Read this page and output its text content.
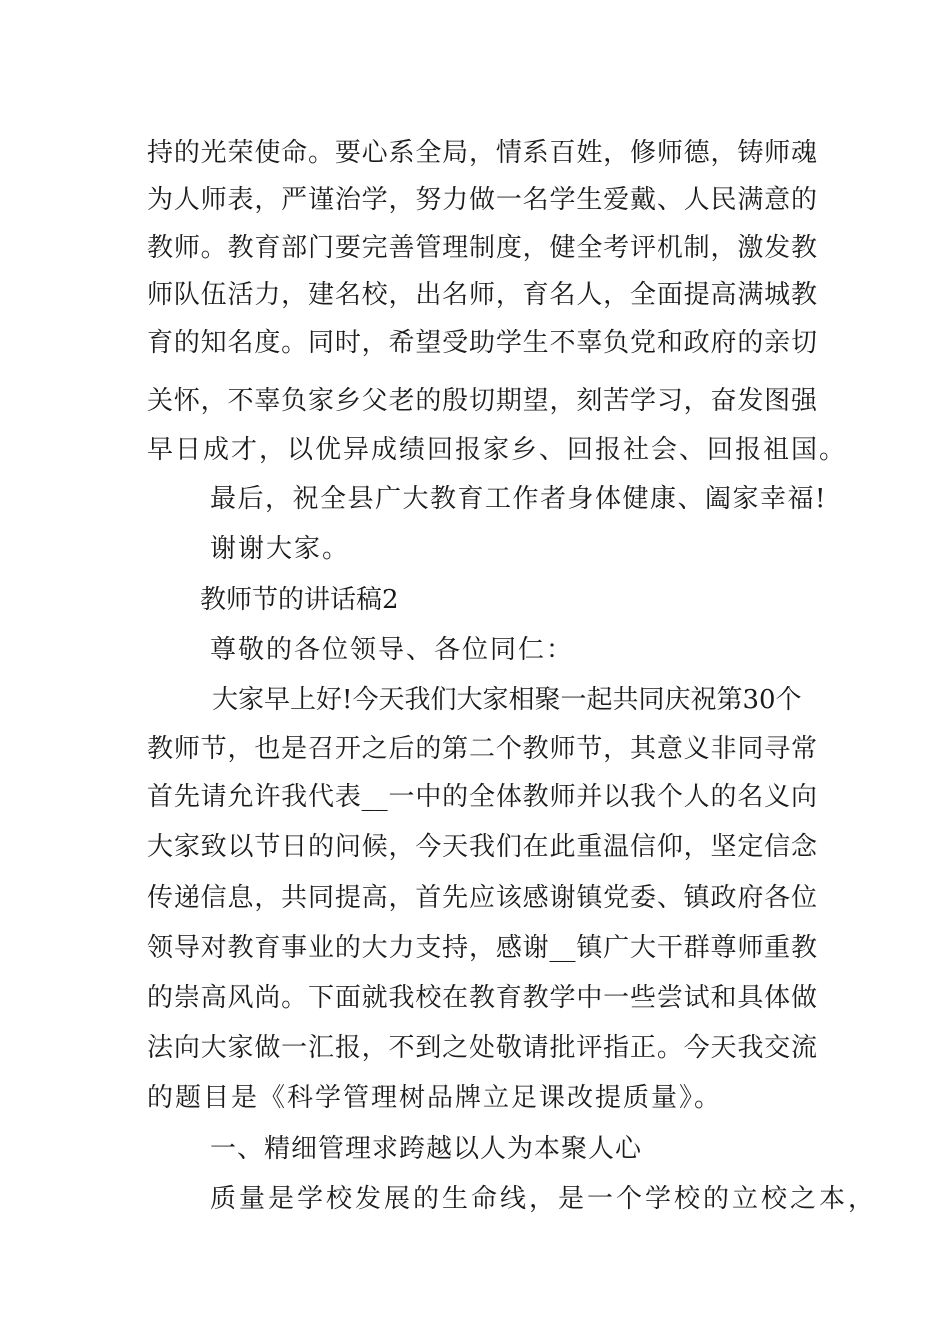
持的光荣使命。要心系全局，情系百姓，修师德，铸师魂
为人师表，严谨治学，努力做一名学生爱戴、人民满意的
教师。教育部门要完善管理制度，健全考评机制，激发教
师队伍活力，建名校，出名师，育名人，全面提高满城教
育的知名度。同时，希望受助学生不辜负党和政府的亲切
关怀，不辜负家乡父老的殷切期望，刻苦学习，奋发图强
早日成才，以优异成绩回报家乡、回报社会、回报祖国。
最后，祝全县广大教育工作者身体健康、阖家幸福!
谢谢大家。
教师节的讲话稿2
尊敬的各位领导、各位同仁：
大家早上好!今天我们大家相聚一起共同庆祝第30个
教师节，也是召开之后的第二个教师节，其意义非同寻常
首先请允许我代表__一中的全体教师并以我个人的名义向
大家致以节日的问候，今天我们在此重温信仰，坚定信念
传递信息，共同提高，首先应该感谢镇党委、镇政府各位
领导对教育事业的大力支持，感谢__镇广大干群尊师重教
的崇高风尚。下面就我校在教育教学中一些尝试和具体做
法向大家做一汇报，不到之处敬请批评指正。今天我交流
的题目是《科学管理树品牌立足课改提质量》。
一、精细管理求跨越以人为本聚人心
质量是学校发展的生命线，是一个学校的立校之本，
